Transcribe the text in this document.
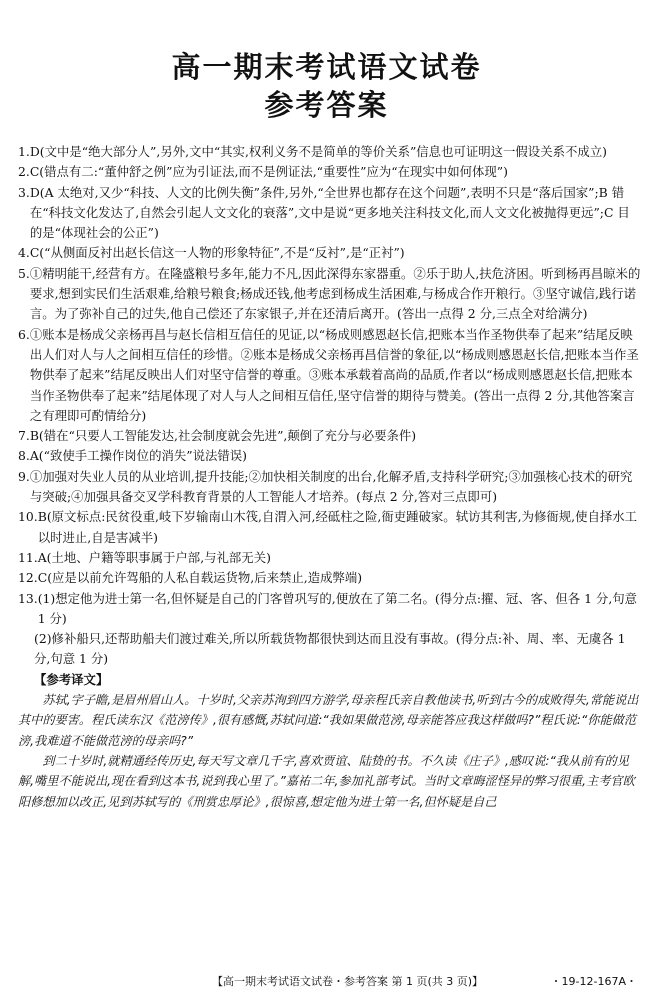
高一期末考试语文试卷
参考答案
1. D(文中是“绝大部分人”,另外,文中“其实,权利义务不是简单的等价关系”信息也可证明这一假设关系不成立)
2. C(错点有二:“董仲舒之例”应为引证法,而不是例证法,“重要性”应为“在现实中如何体现”)
3. D(A 太绝对,又少“科技、人文的比例失衡”条件,另外,“全世界也都存在这个问题”,表明不只是“落后国家”;B 错在“科技文化发达了,自然会引起人文文化的衰落”,文中是说“更多地关注科技文化,而人文文化被抛得更远”;C 目的是“体现社会的公正”)
4. C(“从侧面反衬出赵长信这一人物的形象特征”,不是“反衬”,是“正衬”)
5. ①精明能干,经营有方。在隆盛粮号多年,能力不凡,因此深得东家器重。②乐于助人,扶危济困。听到杨再昌晾米的要求,想到实民们生活艰难,给粮号粮食;杨成还钱,他考虑到杨成生活困难,与杨成合作开粮行。③坚守诚信,践行诺言。为了弥补自己的过失,他自己偿还了东家银子,并在还清后离开。(答出一点得 2 分,三点全对给满分)
6. ①账本是杨成父亲杨再昌与赵长信相互信任的见证,以“杨成则感恩赵长信,把账本当作圣物供奉了起来”结尾反映出人们对人与人之间相互信任的珍惜。②账本是杨成父亲杨再昌信誉的象征,以“杨成则感恩赵长信,把账本当作圣物供奉了起来”结尾反映出人们对坚守信誉的尊重。③账本承载着高尚的品质,作者以“杨成则感恩赵长信,把账本当作圣物供奉了起来”结尾体现了对人与人之间相互信任,坚守信誉的期待与赞美。(答出一点得 2 分,其他答案言之有理即可酌情给分)
7. B(错在“只要人工智能发达,社会制度就会先进”,颠倒了充分与必要条件)
8. A(“致使手工操作岗位的消失”说法错误)
9. ①加强对失业人员的从业培训,提升技能;②加快相关制度的出台,化解矛盾,支持科学研究;③加强核心技术的研究与突破;④加强具备交叉学科教育背景的人工智能人才培养。(每点 2 分,答对三点即可)
10. B(原文标点:民贫役重,岐下岁输南山木筏,自渭入河,经砥柱之险,衙吏踵破家。轼访其利害,为修衙规,使自择水工以时进止,自是害减半)
11. A(土地、户籍等职事属于户部,与礼部无关)
12. C(应是以前允许驾船的人私自载运货物,后来禁止,造成弊端)
13. (1)想定他为进士第一名,但怀疑是自己的门客曾巩写的,便放在了第二名。(得分点:擢、冠、客、但各 1 分,句意 1 分)
(2)修补船只,还帮助船夫们渡过难关,所以所载货物都很快到达而且没有事故。(得分点:补、周、率、无虞各 1 分,句意 1 分)
【参考译文】

苏轼,字子瞻,是眉州眉山人。十岁时,父亲苏洵到四方游学,母亲程氏亲自教他读书,听到古今的成败得失,常能说出其中的要害。程氏读东汉《范滂传》,很有感慨,苏轼问道:“我如果做范滂,母亲能答应我这样做吗?”程氏说:“你能做范滂,我难道不能做范滂的母亲吗?”

到二十岁时,就精通经传历史,每天写文章几千字,喜欢贾谊、陆贽的书。不久读《庄子》,感叹说:“我从前有的见解,嘴里不能说出,现在看到这本书,说到我心里了。”嘉祐二年,参加礼部考试。当时文章晦涩怪异的弊习很重,主考官欧阳修想加以改正,见到苏轼写的《刑赏忠厚论》,很惊喜,想定他为进士第一名,但怀疑是自己

【高一期末考试语文试卷・参考答案 第 1 页(共 3 页)】	・19-12-167A・
